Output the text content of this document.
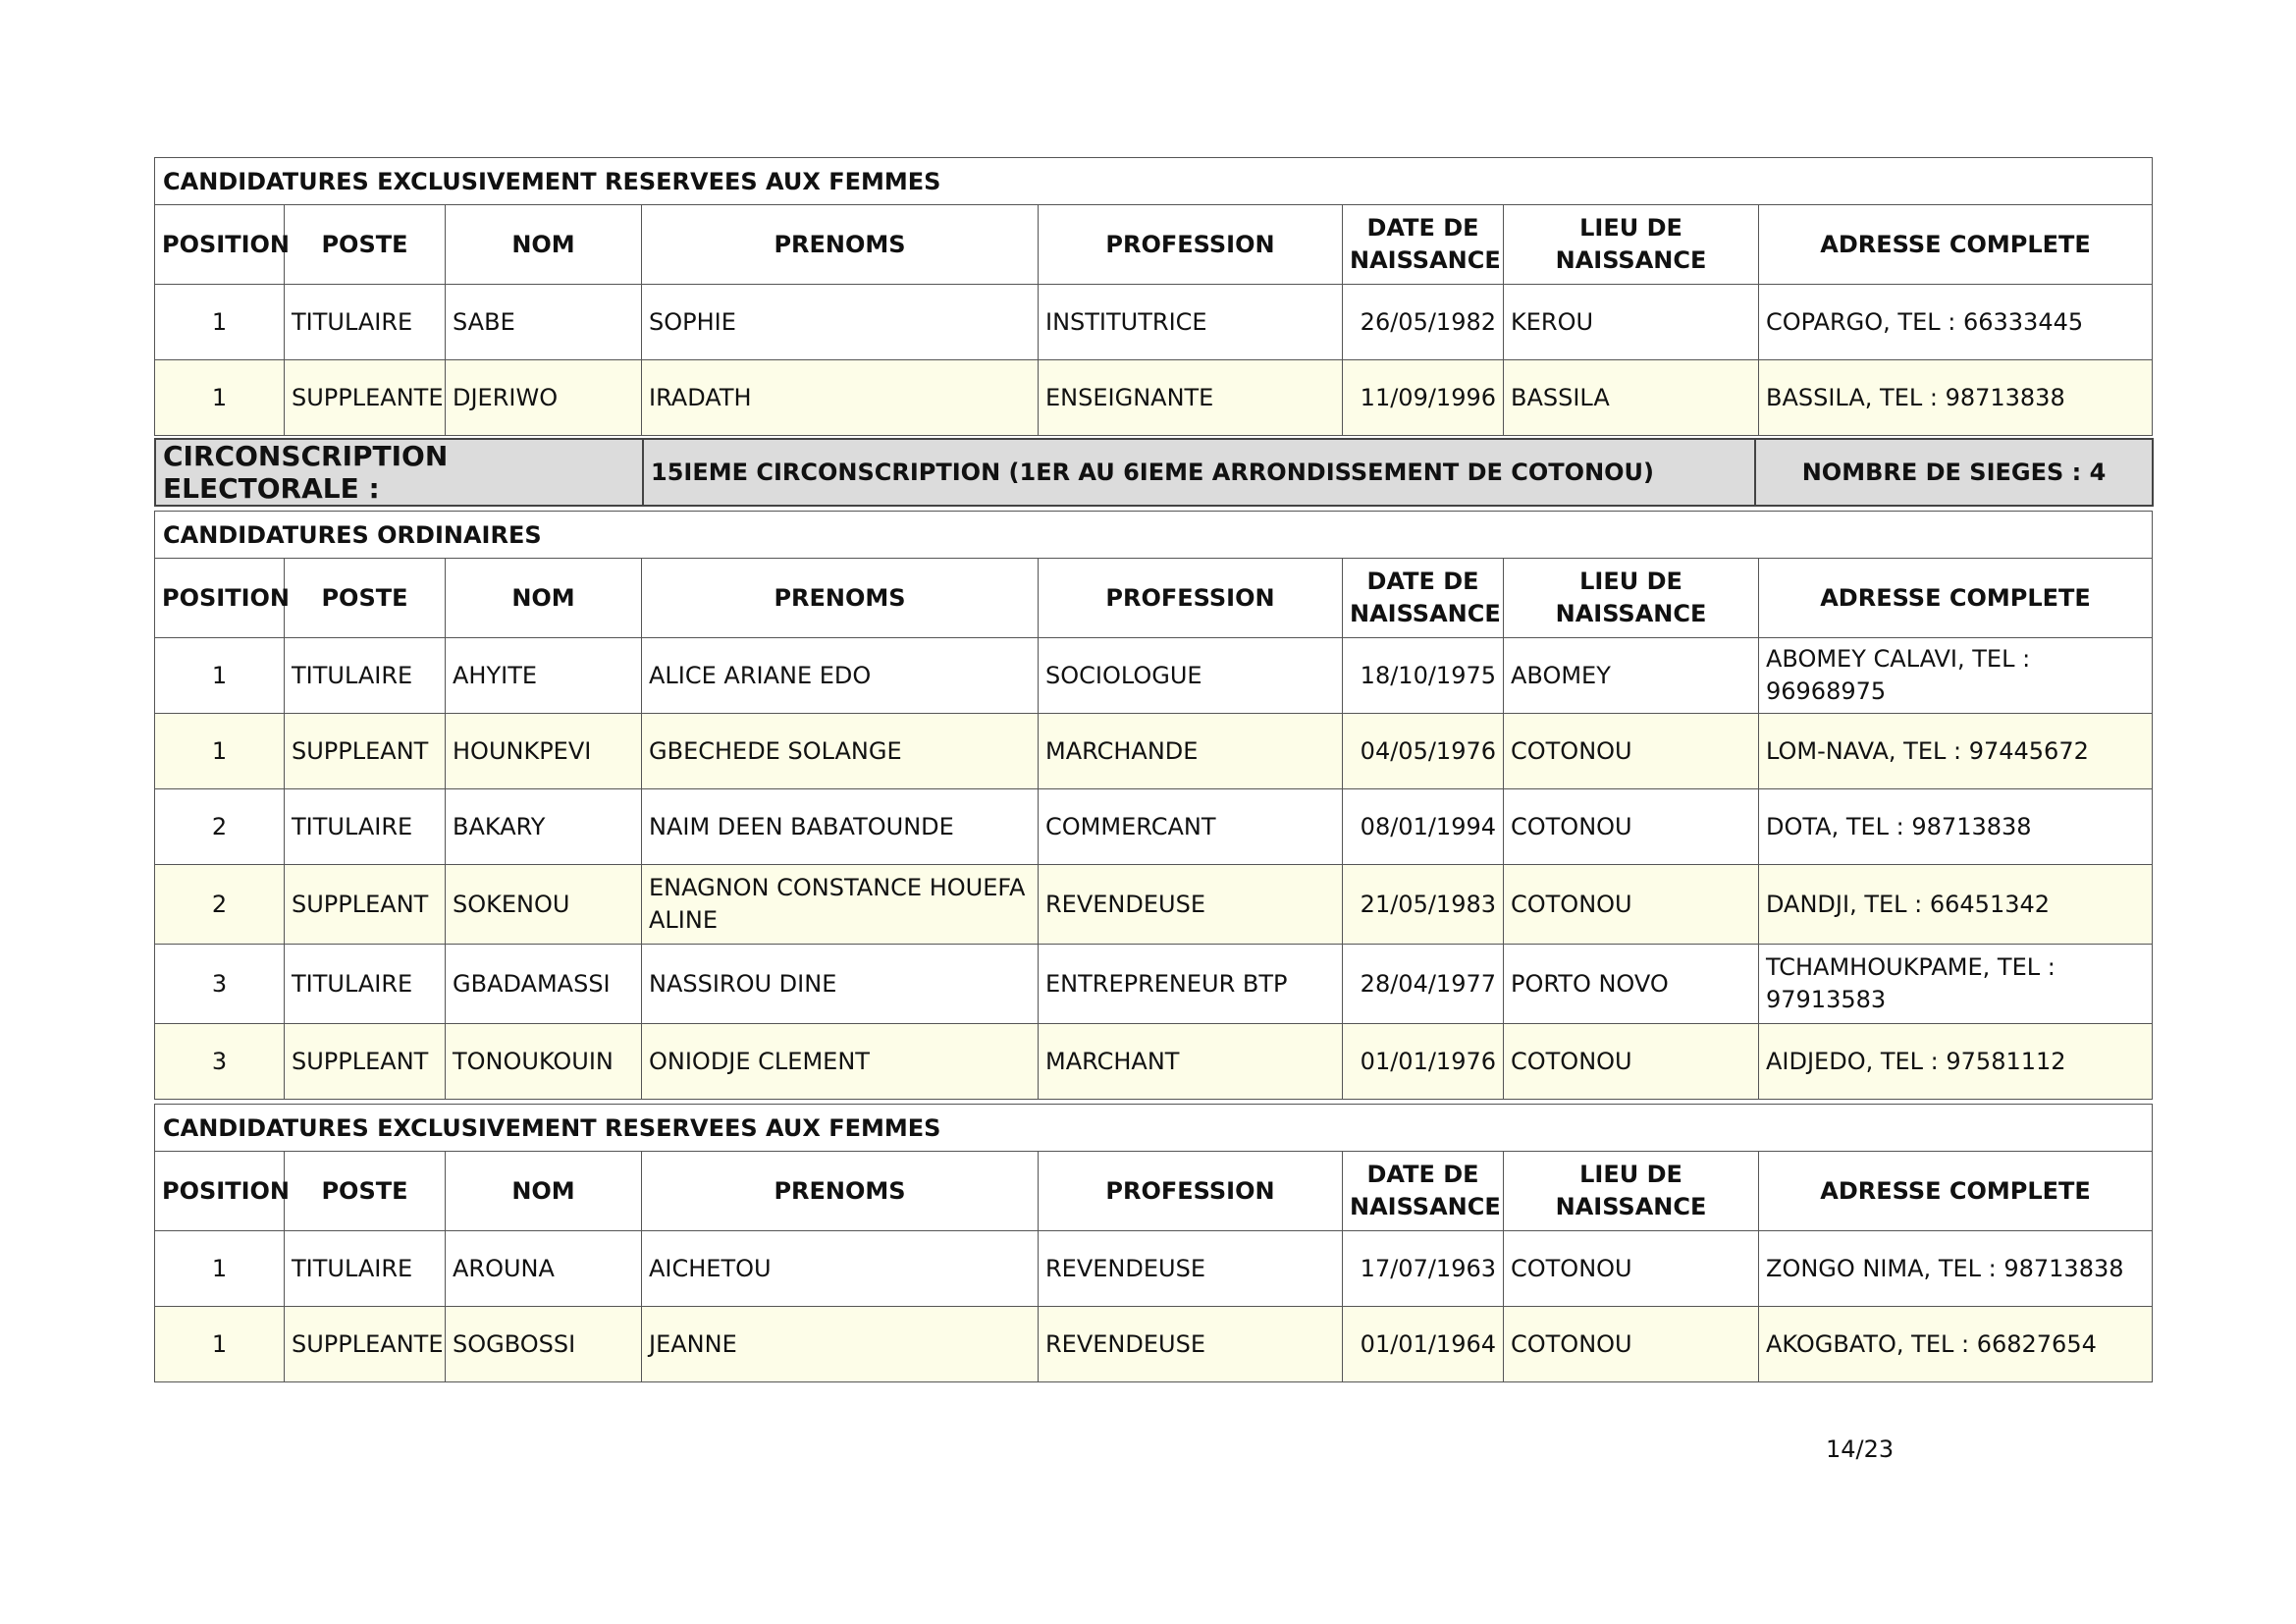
CANDIDATURES EXCLUSIVEMENT RESERVEES AUX FEMMES							
POSITION	POSTE	NOM	PRENOMS	PROFESSION	DATE DE NAISSANCE	LIEU DE NAISSANCE	ADRESSE COMPLETE
1	TITULAIRE	SABE	SOPHIE	INSTITUTRICE	26/05/1982	KEROU	COPARGO, TEL : 66333445
1	SUPPLEANTE	DJERIWO	IRADATH	ENSEIGNANTE	11/09/1996	BASSILA	BASSILA, TEL : 98713838
CIRCONSCRIPTION ELECTORALE :	15IEME CIRCONSCRIPTION (1ER AU 6IEME ARRONDISSEMENT DE COTONOU)	NOMBRE DE SIEGES : 4
CANDIDATURES ORDINAIRES							
POSITION	POSTE	NOM	PRENOMS	PROFESSION	DATE DE NAISSANCE	LIEU DE NAISSANCE	ADRESSE COMPLETE
1	TITULAIRE	AHYITE	ALICE ARIANE EDO	SOCIOLOGUE	18/10/1975	ABOMEY	ABOMEY CALAVI, TEL : 96968975
1	SUPPLEANT	HOUNKPEVI	GBECHEDE SOLANGE	MARCHANDE	04/05/1976	COTONOU	LOM-NAVA, TEL : 97445672
2	TITULAIRE	BAKARY	NAIM DEEN BABATOUNDE	COMMERCANT	08/01/1994	COTONOU	DOTA, TEL : 98713838
2	SUPPLEANT	SOKENOU	ENAGNON CONSTANCE HOUEFA ALINE	REVENDEUSE	21/05/1983	COTONOU	DANDJI, TEL : 66451342
3	TITULAIRE	GBADAMASSI	NASSIROU DINE	ENTREPRENEUR BTP	28/04/1977	PORTO NOVO	TCHAMHOUKPAME, TEL : 97913583
3	SUPPLEANT	TONOUKOUIN	ONIODJE CLEMENT	MARCHANT	01/01/1976	COTONOU	AIDJEDO, TEL : 97581112
CANDIDATURES EXCLUSIVEMENT RESERVEES AUX FEMMES							
POSITION	POSTE	NOM	PRENOMS	PROFESSION	DATE DE NAISSANCE	LIEU DE NAISSANCE	ADRESSE COMPLETE
1	TITULAIRE	AROUNA	AICHETOU	REVENDEUSE	17/07/1963	COTONOU	ZONGO NIMA, TEL : 98713838
1	SUPPLEANTE	SOGBOSSI	JEANNE	REVENDEUSE	01/01/1964	COTONOU	AKOGBATO, TEL : 66827654
14/23
